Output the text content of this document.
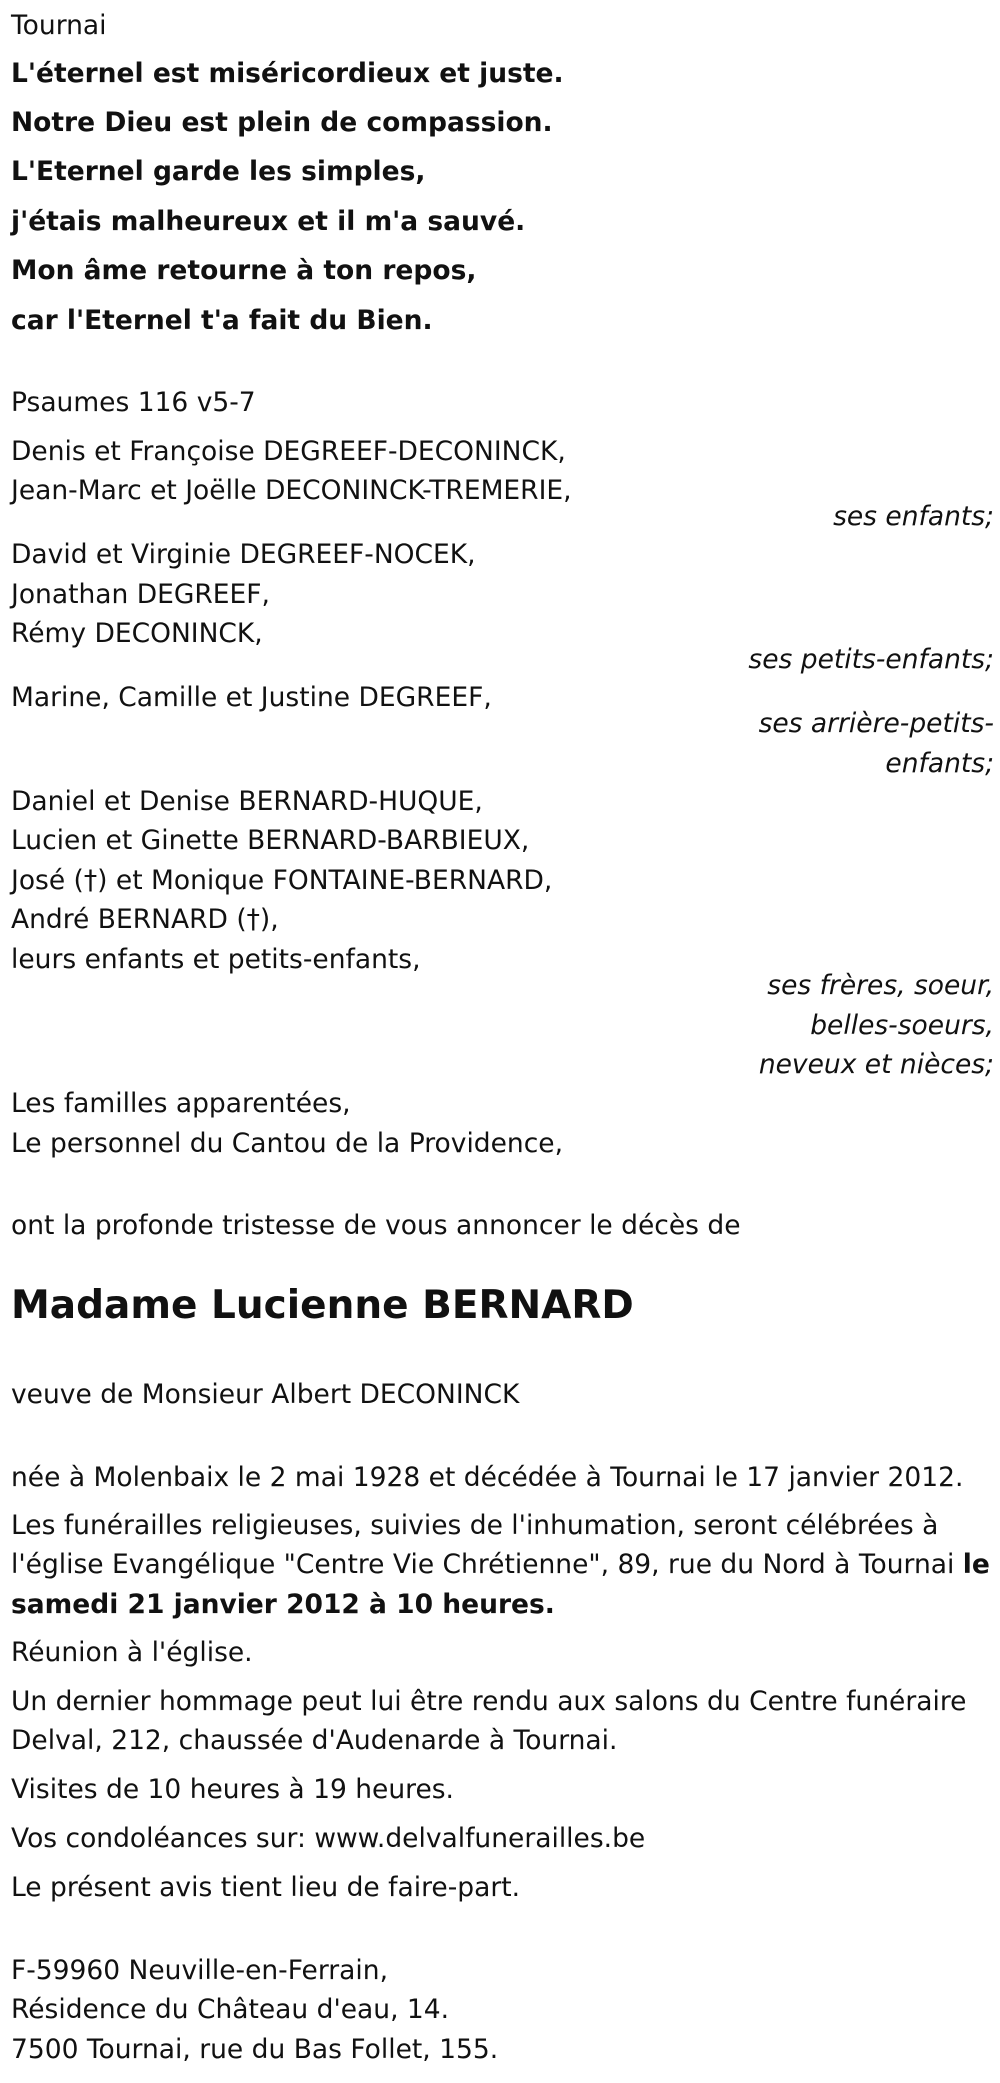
Tournai
L'éternel est miséricordieux et juste.
Notre Dieu est plein de compassion.
L'Eternel garde les simples,
j'étais malheureux et il m'a sauvé.
Mon âme retourne à ton repos,
car l'Eternel t'a fait du Bien.
Psaumes 116 v5-7
Denis et Françoise DEGREEF-DECONINCK,
Jean-Marc et Joëlle DECONINCK-TREMERIE,
ses enfants;
David et Virginie DEGREEF-NOCEK,
Jonathan DEGREEF,
Rémy DECONINCK,
ses petits-enfants;
Marine, Camille et Justine DEGREEF,
ses arrière-petits-
enfants;
Daniel et Denise BERNARD-HUQUE,
Lucien et Ginette BERNARD-BARBIEUX,
José (†) et Monique FONTAINE-BERNARD,
André BERNARD (†),
leurs enfants et petits-enfants,
ses frères, soeur,
belles-soeurs,
neveux et nièces;
Les familles apparentées,
Le personnel du Cantou de la Providence,
ont la profonde tristesse de vous annoncer le décès de
Madame Lucienne BERNARD
veuve de Monsieur Albert DECONINCK
née à Molenbaix le 2 mai 1928 et décédée à Tournai le 17 janvier 2012.
Les funérailles religieuses, suivies de l'inhumation, seront célébrées à
l'église Evangélique "Centre Vie Chrétienne", 89, rue du Nord à Tournai le
samedi 21 janvier 2012 à 10 heures.
Réunion à l'église.
Un dernier hommage peut lui être rendu aux salons du Centre funéraire
Delval, 212, chaussée d'Audenarde à Tournai.
Visites de 10 heures à 19 heures.
Vos condoléances sur: www.delvalfunerailles.be
Le présent avis tient lieu de faire-part.
F-59960 Neuville-en-Ferrain,
Résidence du Château d'eau, 14.
7500 Tournai, rue du Bas Follet, 155.
